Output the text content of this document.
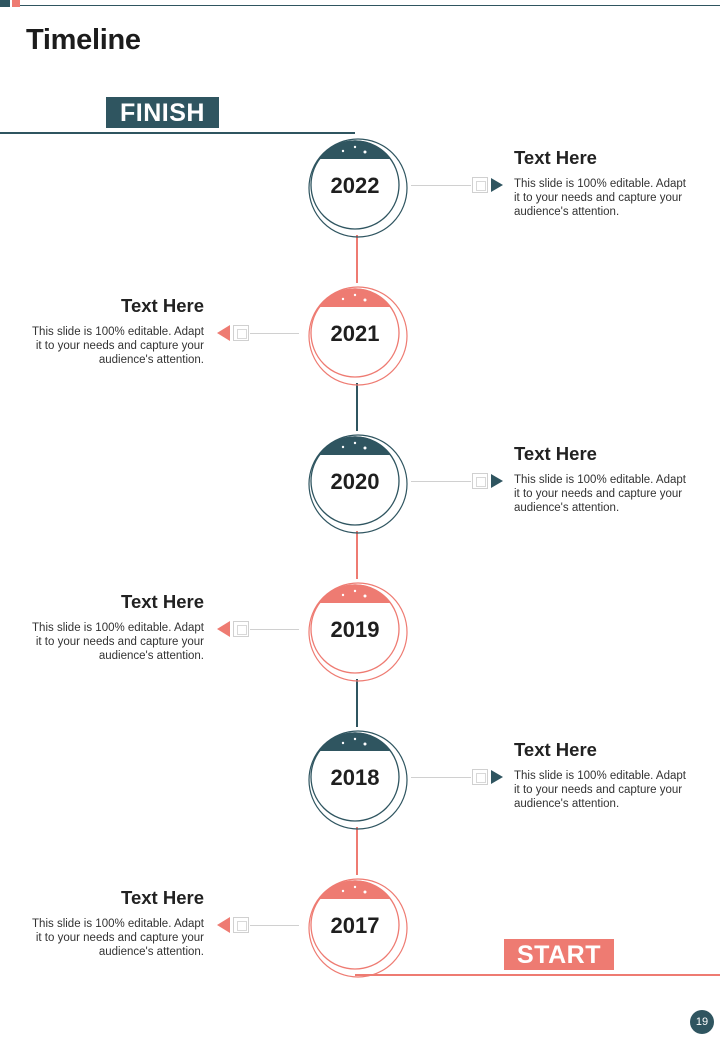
Timeline
FINISH
2022
Text Here
This slide is 100% editable. Adapt
it to your needs and capture your
audience's attention.
2021
Text Here
This slide is 100% editable. Adapt
it to your needs and capture your
audience's attention.
2020
Text Here
This slide is 100% editable. Adapt
it to your needs and capture your
audience's attention.
2019
Text Here
This slide is 100% editable. Adapt
it to your needs and capture your
audience's attention.
2018
Text Here
This slide is 100% editable. Adapt
it to your needs and capture your
audience's attention.
2017
Text Here
This slide is 100% editable. Adapt
it to your needs and capture your
audience's attention.	START
19
